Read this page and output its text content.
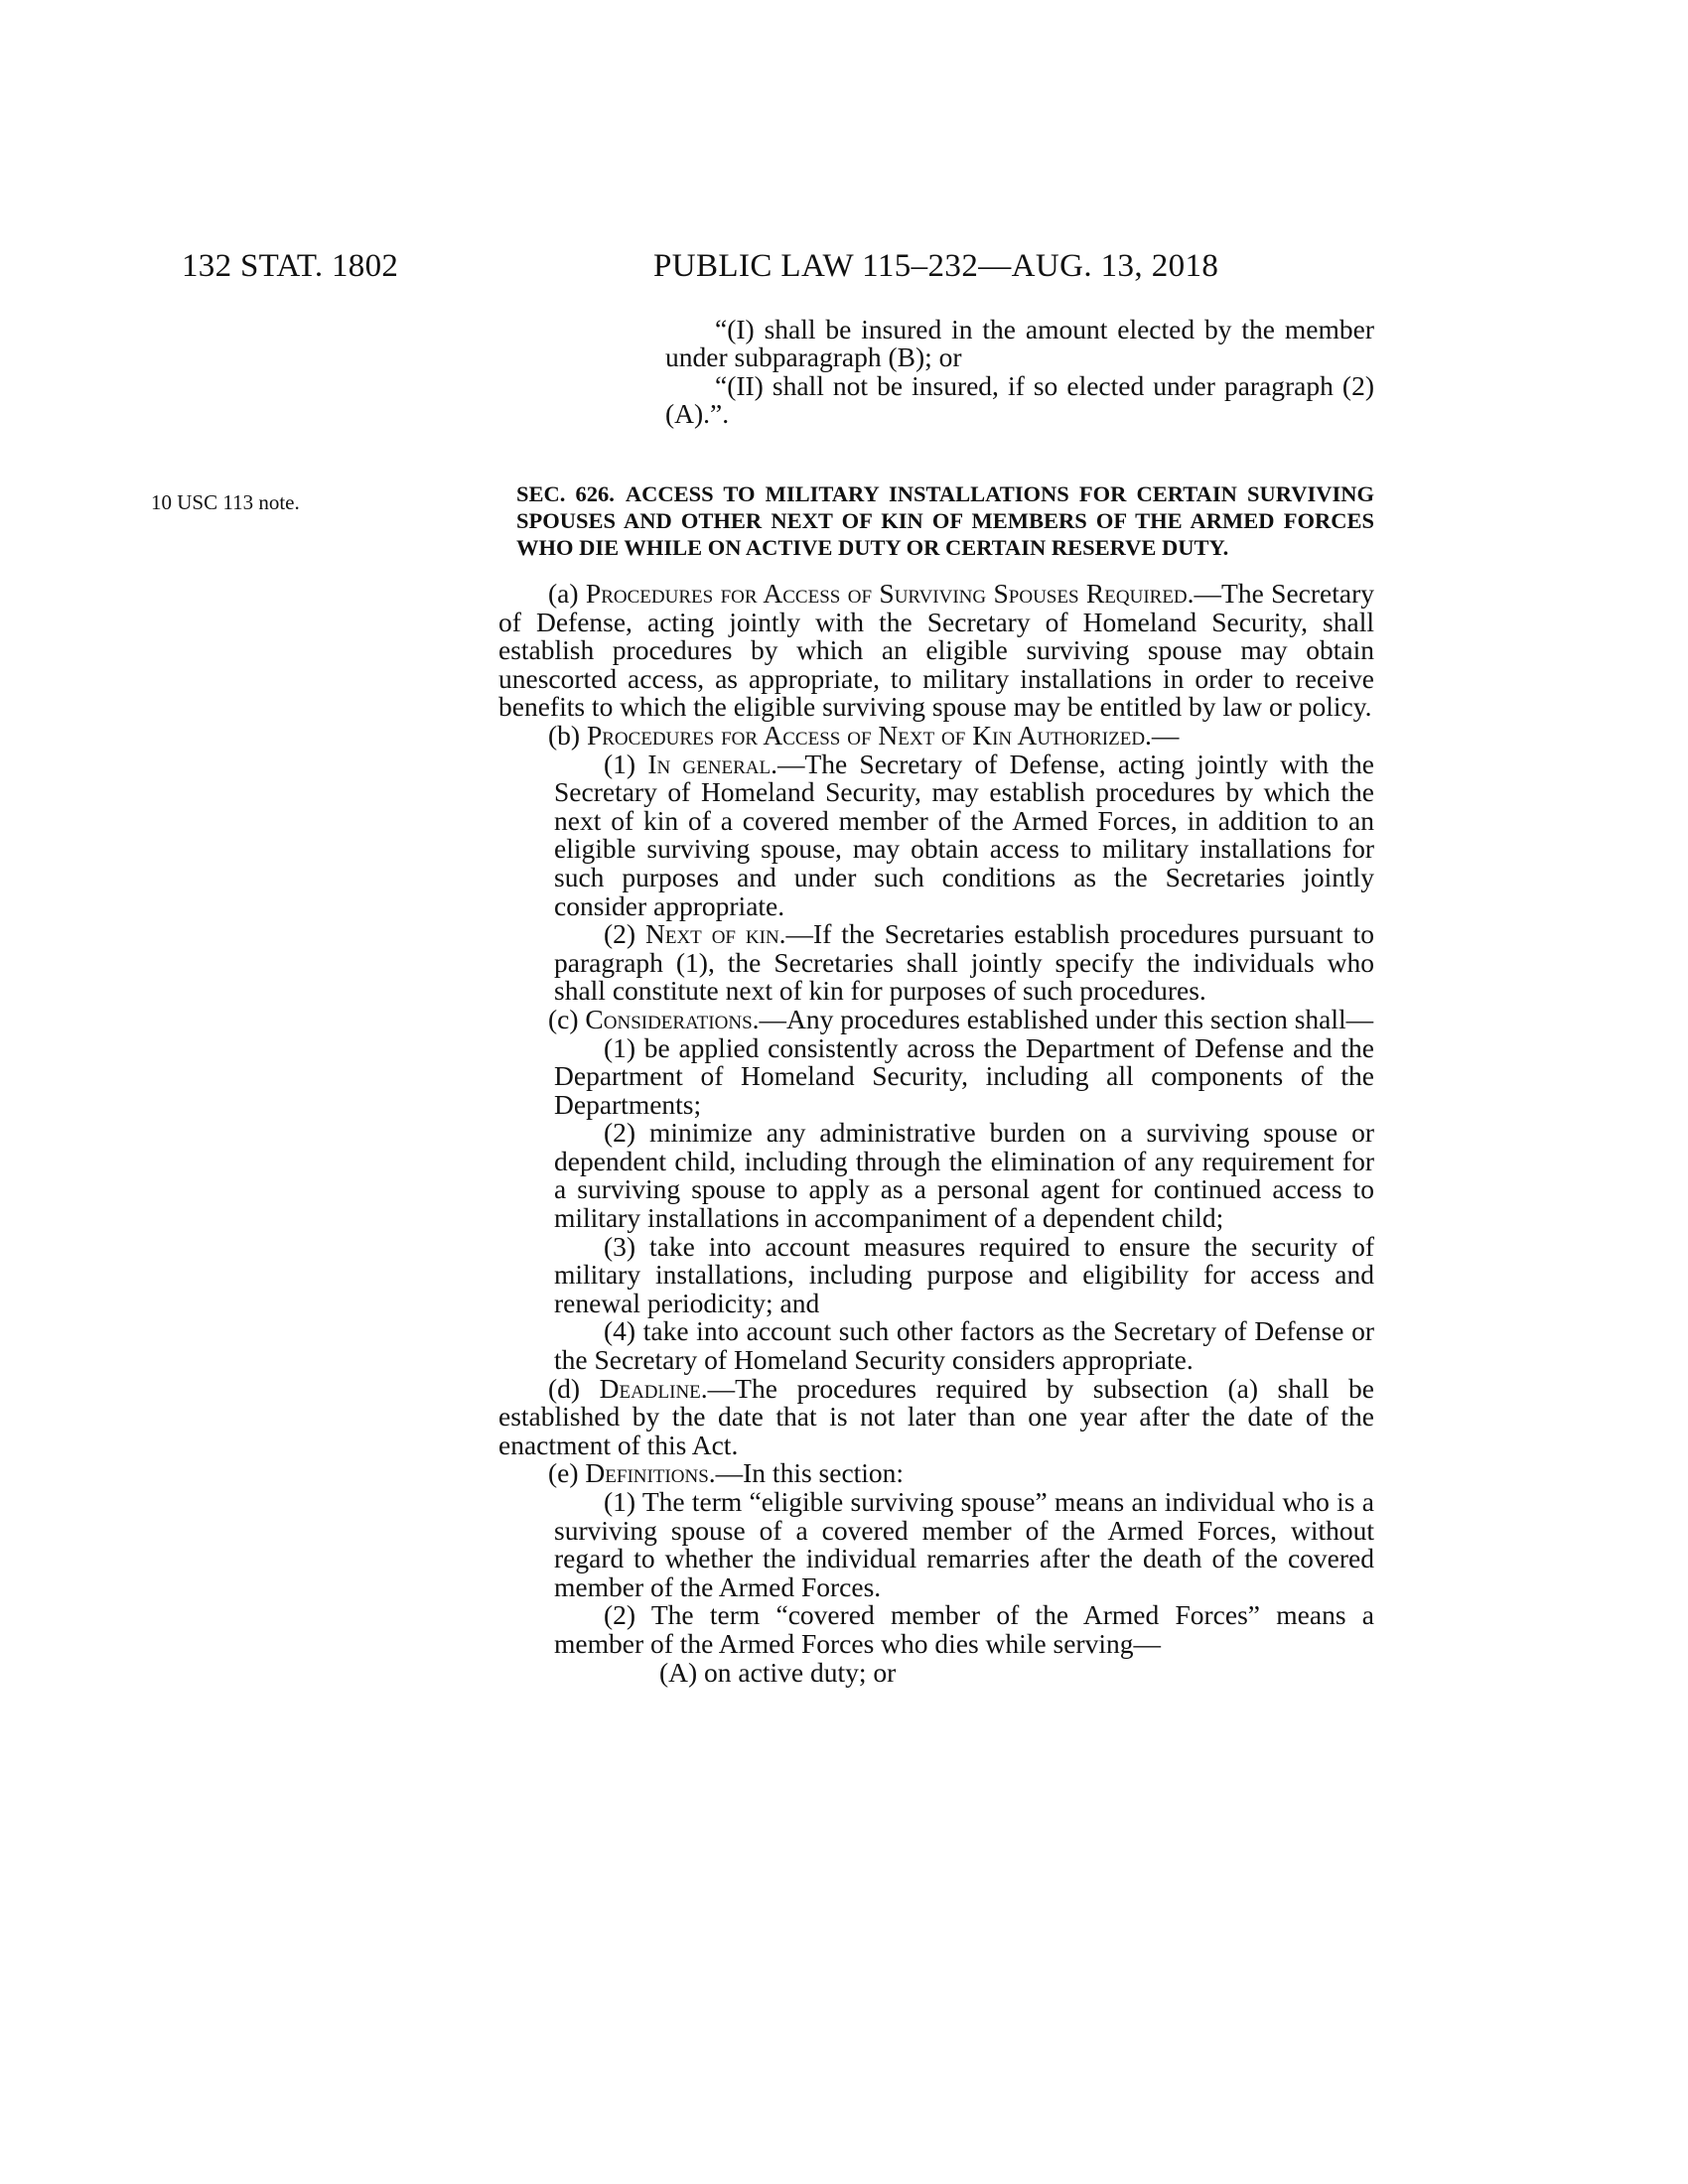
132 STAT. 1802	PUBLIC LAW 115–232—AUG. 13, 2018

“(I) shall be insured in the amount elected by the member under subparagraph (B); or

“(II) shall not be insured, if so elected under paragraph (2)(A).”.

10 USC 113 note.	SEC. 626. ACCESS TO MILITARY INSTALLATIONS FOR CERTAIN SURVIVING SPOUSES AND OTHER NEXT OF KIN OF MEMBERS OF THE ARMED FORCES WHO DIE WHILE ON ACTIVE DUTY OR CERTAIN RESERVE DUTY.

(a) Procedures for Access of Surviving Spouses Required.—The Secretary of Defense, acting jointly with the Secretary of Homeland Security, shall establish procedures by which an eligible surviving spouse may obtain unescorted access, as appropriate, to military installations in order to receive benefits to which the eligible surviving spouse may be entitled by law or policy.

(b) Procedures for Access of Next of Kin Authorized.—

(1) In general.—The Secretary of Defense, acting jointly with the Secretary of Homeland Security, may establish procedures by which the next of kin of a covered member of the Armed Forces, in addition to an eligible surviving spouse, may obtain access to military installations for such purposes and under such conditions as the Secretaries jointly consider appropriate.

(2) Next of kin.—If the Secretaries establish procedures pursuant to paragraph (1), the Secretaries shall jointly specify the individuals who shall constitute next of kin for purposes of such procedures.

(c) Considerations.—Any procedures established under this section shall—

(1) be applied consistently across the Department of Defense and the Department of Homeland Security, including all components of the Departments;

(2) minimize any administrative burden on a surviving spouse or dependent child, including through the elimination of any requirement for a surviving spouse to apply as a personal agent for continued access to military installations in accompaniment of a dependent child;

(3) take into account measures required to ensure the security of military installations, including purpose and eligibility for access and renewal periodicity; and

(4) take into account such other factors as the Secretary of Defense or the Secretary of Homeland Security considers appropriate.

(d) Deadline.—The procedures required by subsection (a) shall be established by the date that is not later than one year after the date of the enactment of this Act.

(e) Definitions.—In this section:

(1) The term “eligible surviving spouse” means an individual who is a surviving spouse of a covered member of the Armed Forces, without regard to whether the individual remarries after the death of the covered member of the Armed Forces.

(2) The term “covered member of the Armed Forces” means a member of the Armed Forces who dies while serving—

(A) on active duty; or
